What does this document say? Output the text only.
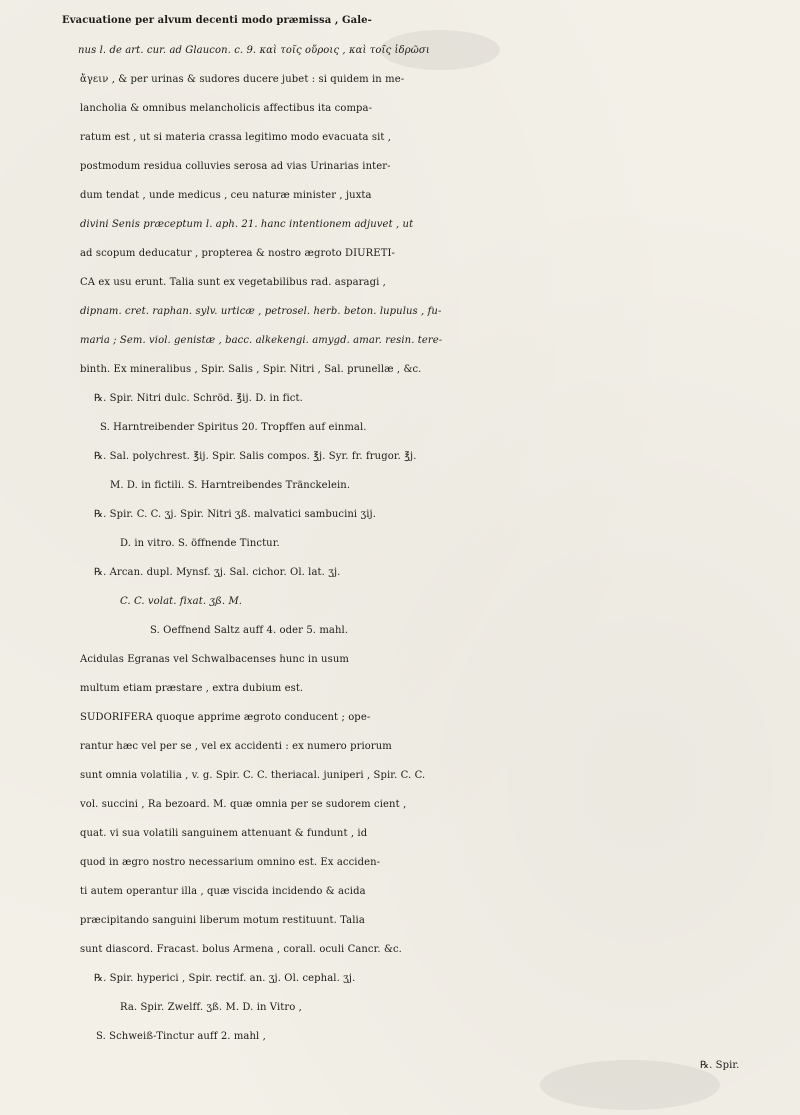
Evacuatione per alvum decenti modo præmissa , Gale-
nus l. de art. cur. ad Glaucon. c. 9. καὶ τοῖς οὔροις , καὶ τοῖς ἱδρῶσι
ἄγειν , & per urinas & sudores ducere jubet : si quidem in me-
lancholia & omnibus melancholicis affectibus ita compa-
ratum est , ut si materia crassa legitimo modo evacuata sit ,
postmodum residua colluvies serosa ad vias Urinarias inter-
dum tendat , unde medicus , ceu naturæ minister , juxta
divini Senis præceptum l. aph. 21. hanc intentionem adjuvet , ut
ad scopum deducatur , propterea & nostro ægroto DIURETI-
CA ex usu erunt. Talia sunt ex vegetabilibus rad. asparagi ,
dipnam. cret. raphan. sylv. urticæ , petrosel. herb. beton. lupulus , fu-
maria ; Sem. viol. genistæ , bacc. alkekengi. amygd. amar. resin. tere-
binth. Ex mineralibus , Spir. Salis , Spir. Nitri , Sal. prunellæ , &c.
℞. Spir. Nitri dulc. Schröd. ℥ij. D. in fict.
S. Harntreibender Spiritus 20. Tropffen auf einmal.
℞. Sal. polychrest. ℥ij. Spir. Salis compos. ℥j. Syr. fr. frugor. ℥j.
M. D. in fictili. S. Harntreibendes Tränckelein.
℞. Spir. C. C. ʒj. Spir. Nitri ʒß. malvatici sambucini ʒij.
D. in vitro. S. öffnende Tinctur.
℞. Arcan. dupl. Mynsf. ʒj. Sal. cichor. Ol. lat. ʒj.
C. C. volat. fixat. ʒß. M.
S. Oeffnend Saltz auff 4. oder 5. mahl.
Acidulas Egranas vel Schwalbacenses hunc in usum
multum etiam præstare , extra dubium est.
SUDORIFERA quoque apprime ægroto conducent ; ope-
rantur hæc vel per se , vel ex accidenti : ex numero priorum
sunt omnia volatilia , v. g. Spir. C. C. theriacal. juniperi , Spir. C. C.
vol. succini , Ra bezoard. M. quæ omnia per se sudorem cient ,
quat. vi sua volatili sanguinem attenuant & fundunt , id
quod in ægro nostro necessarium omnino est. Ex acciden-
ti autem operantur illa , quæ viscida incidendo & acida
præcipitando sanguini liberum motum restituunt. Talia
sunt diascord. Fracast. bolus Armena , corall. oculi Cancr. &c.
℞. Spir. hyperici , Spir. rectif. an. ʒj. Ol. cephal. ʒj.
Ra. Spir. Zwelff. ʒß. M. D. in Vitro ,
S. Schweiß-Tinctur auff 2. mahl ,
℞. Spir.
